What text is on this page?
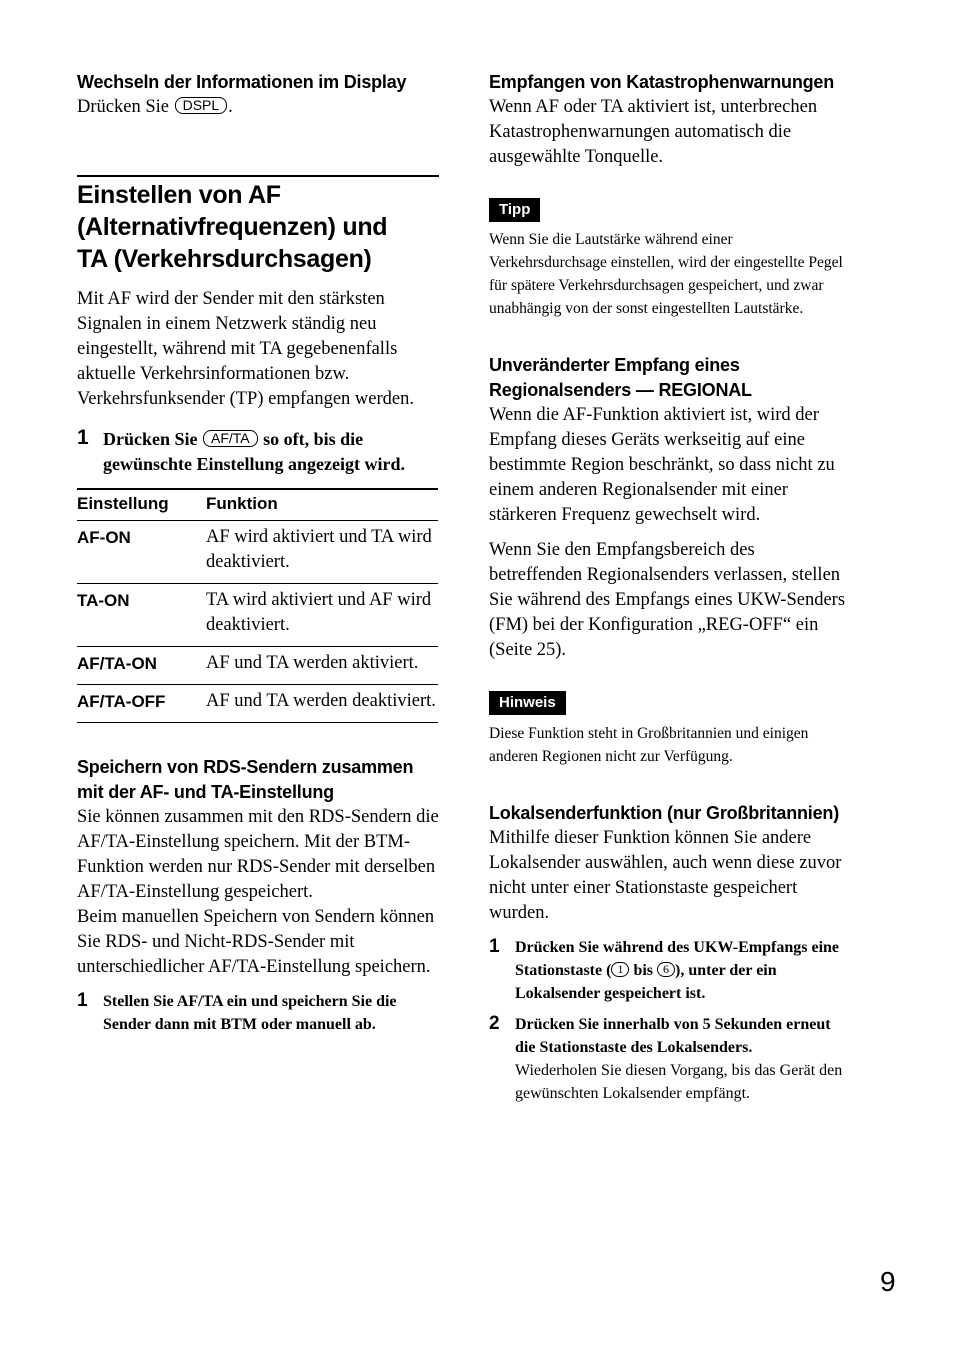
Wechseln der Informationen im Display

Drücken Sie DSPL .

Einstellen von AF
(Alternativfrequenzen) und
TA (Verkehrsdurchsagen)

Mit AF wird der Sender mit den stärksten Signalen in einem Netzwerk ständig neu eingestellt, während mit TA gegebenenfalls aktuelle Verkehrsinformationen bzw. Verkehrsfunksender (TP) empfangen werden.

1 Drücken Sie AF/TA so oft, bis die gewünschte Einstellung angezeigt wird.
Einstellung	Funktion
AF-ON	AF wird aktiviert und TA wird deaktiviert.
TA-ON	TA wird aktiviert und AF wird deaktiviert.
AF/TA-ON	AF und TA werden aktiviert.
AF/TA-OFF	AF und TA werden deaktiviert.

Speichern von RDS-Sendern zusammen mit der AF- und TA-Einstellung

Sie können zusammen mit den RDS-Sendern die AF/TA-Einstellung speichern. Mit der BTM-Funktion werden nur RDS-Sender mit derselben AF/TA-Einstellung gespeichert.

Beim manuellen Speichern von Sendern können Sie RDS- und Nicht-RDS-Sender mit unterschiedlicher AF/TA-Einstellung speichern.

1 Stellen Sie AF/TA ein und speichern Sie die Sender dann mit BTM oder manuell ab.

Empfangen von Katastrophenwarnungen

Wenn AF oder TA aktiviert ist, unterbrechen Katastrophenwarnungen automatisch die ausgewählte Tonquelle.

Tipp

Wenn Sie die Lautstärke während einer Verkehrsdurchsage einstellen, wird der eingestellte Pegel für spätere Verkehrsdurchsagen gespeichert, und zwar unabhängig von der sonst eingestellten Lautstärke.

Unveränderter Empfang eines Regionalsenders — REGIONAL

Wenn die AF-Funktion aktiviert ist, wird der Empfang dieses Geräts werkseitig auf eine bestimmte Region beschränkt, so dass nicht zu einem anderen Regionalsender mit einer stärkeren Frequenz gewechselt wird.

Wenn Sie den Empfangsbereich des betreffenden Regionalsenders verlassen, stellen Sie während des Empfangs eines UKW-Senders (FM) bei der Konfiguration „REG-OFF“ ein (Seite 25).

Hinweis

Diese Funktion steht in Großbritannien und einigen anderen Regionen nicht zur Verfügung.

Lokalsenderfunktion (nur Großbritannien)

Mithilfe dieser Funktion können Sie andere Lokalsender auswählen, auch wenn diese zuvor nicht unter einer Stationstaste gespeichert wurden.

1 Drücken Sie während des UKW-Empfangs eine Stationstaste ( 1 bis 6 ), unter der ein Lokalsender gespeichert ist.
2 Drücken Sie innerhalb von 5 Sekunden erneut die Stationstaste des Lokalsenders.
Wiederholen Sie diesen Vorgang, bis das Gerät den gewünschten Lokalsender empfängt.
9
